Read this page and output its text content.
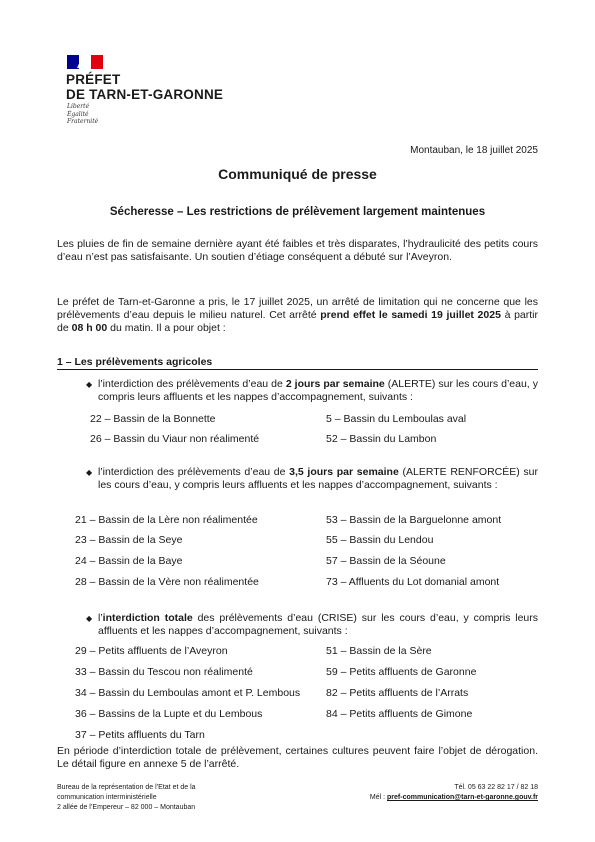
PRÉFET
DE TARN-ET-GARONNE
Liberté
Égalité
Fraternité
Montauban, le 18 juillet 2025
Communiqué de presse
Sécheresse – Les restrictions de prélèvement largement maintenues
Les pluies de fin de semaine dernière ayant été faibles et très disparates, l’hydraulicité des petits cours d’eau n’est pas satisfaisante. Un soutien d’étiage conséquent a débuté sur l’Aveyron.
Le préfet de Tarn-et-Garonne a pris, le 17 juillet 2025, un arrêté de limitation qui ne concerne que les prélèvements d’eau depuis le milieu naturel. Cet arrêté prend effet le samedi 19 juillet 2025 à partir de 08 h 00 du matin. Il a pour objet :
1 – Les prélèvements agricoles
◆ l’interdiction des prélèvements d’eau de 2 jours par semaine (ALERTE) sur les cours d’eau, y compris leurs affluents et les nappes d’accompagnement, suivants :
22 – Bassin de la Bonnette	5 – Bassin du Lemboulas aval
26 – Bassin du Viaur non réalimenté	52 – Bassin du Lambon
◆ l’interdiction des prélèvements d’eau de 3,5 jours par semaine (ALERTE RENFORCÉE) sur les cours d’eau, y compris leurs affluents et les nappes d’accompagnement, suivants :
21 – Bassin de la Lère non réalimentée	53 – Bassin de la Barguelonne amont
23 – Bassin de la Seye	55 – Bassin du Lendou
24 – Bassin de la Baye	57 – Bassin de la Séoune
28 – Bassin de la Vère non réalimentée	73 – Affluents du Lot domanial amont
◆ l’interdiction totale des prélèvements d’eau (CRISE) sur les cours d’eau, y compris leurs affluents et les nappes d’accompagnement, suivants :
29 – Petits affluents de l’Aveyron	51 – Bassin de la Sère
33 – Bassin du Tescou non réalimenté	59 – Petits affluents de Garonne
34 – Bassin du Lemboulas amont et P. Lembous 82 – Petits affluents de l’Arrats
36 – Bassins de la Lupte et du Lembous	84 – Petits affluents de Gimone
37 – Petits affluents du Tarn
En période d’interdiction totale de prélèvement, certaines cultures peuvent faire l’objet de dérogation. Le détail figure en annexe 5 de l’arrêté.
Bureau de la représentation de l’Etat et de la
communication interministérielle
2 allée de l’Empereur – 82 000 – Montauban
Tél. 05 63 22 82 17 / 82 18
Mél : pref-communication@tarn-et-garonne.gouv.fr
